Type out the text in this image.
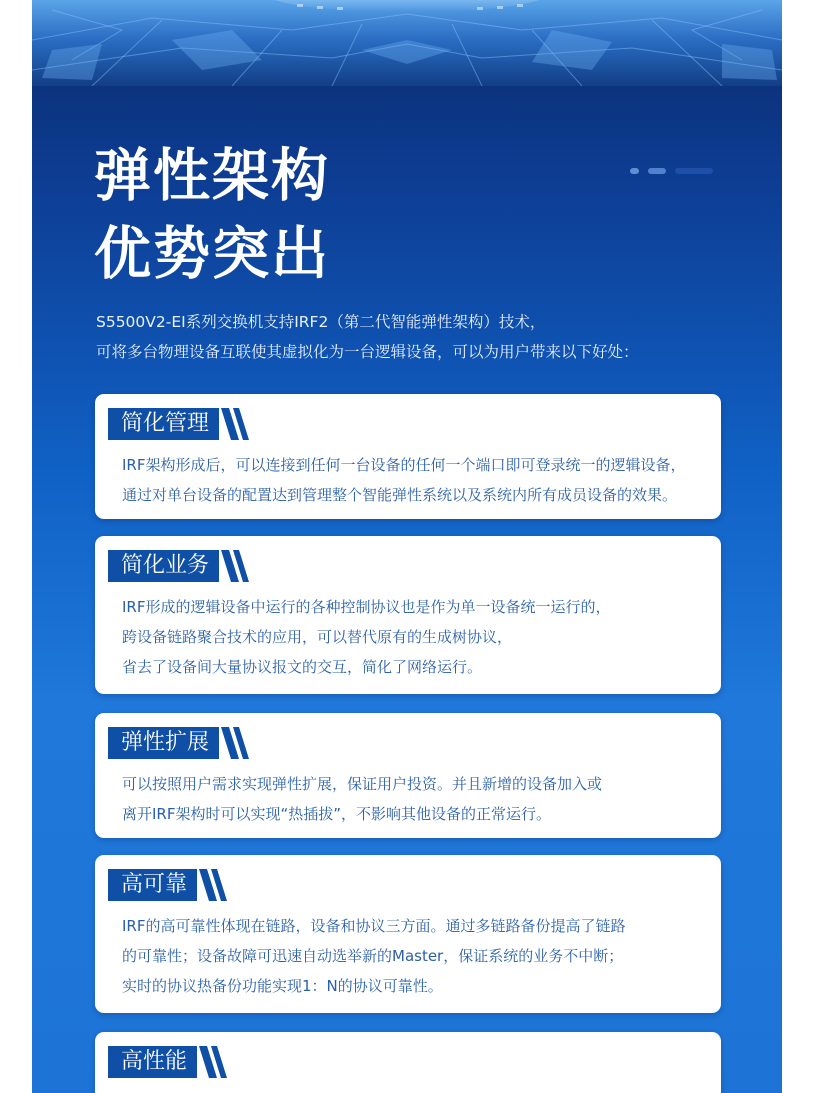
弹性架构
优势突出
S5500V2-EI系列交换机支持IRF2（第二代智能弹性架构）技术，
可将多台物理设备互联使其虚拟化为一台逻辑设备，可以为用户带来以下好处：
简化管理
IRF架构形成后，可以连接到任何一台设备的任何一个端口即可登录统一的逻辑设备，
通过对单台设备的配置达到管理整个智能弹性系统以及系统内所有成员设备的效果。
简化业务
IRF形成的逻辑设备中运行的各种控制协议也是作为单一设备统一运行的，
跨设备链路聚合技术的应用，可以替代原有的生成树协议，
省去了设备间大量协议报文的交互，简化了网络运行。
弹性扩展
可以按照用户需求实现弹性扩展，保证用户投资。并且新增的设备加入或
离开IRF架构时可以实现“热插拔”，不影响其他设备的正常运行。
高可靠
IRF的高可靠性体现在链路，设备和协议三方面。通过多链路备份提高了链路
的可靠性；设备故障可迅速自动选举新的Master，保证系统的业务不中断；
实时的协议热备份功能实现1：N的协议可靠性。
高性能
